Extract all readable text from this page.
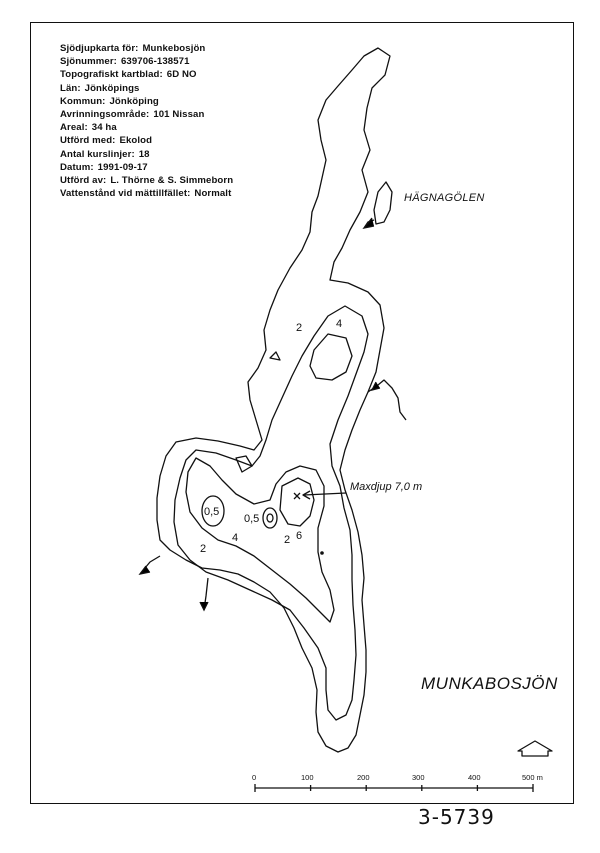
Sjödjupkarta för: Munkebosjön
Sjönummer: 639706-138571
Topografiskt kartblad: 6D NO
Län: Jönköpings
Kommun: Jönköping
Avrinningsområde: 101 Nissan
Areal: 34 ha
Utförd med: Ekolod
Antal kurslinjer: 18
Datum: 1991-09-17
Utförd av: L. Thörne & S. Simmeborn
Vattenstånd vid mättillfället: Normalt
2	4
0,5
0,5
2
4	2 6
HÄGNAGÖLEN
Maxdjup 7,0 m
MUNKABOSJÖN
0	100	200	300	400	500 m
3-5739
